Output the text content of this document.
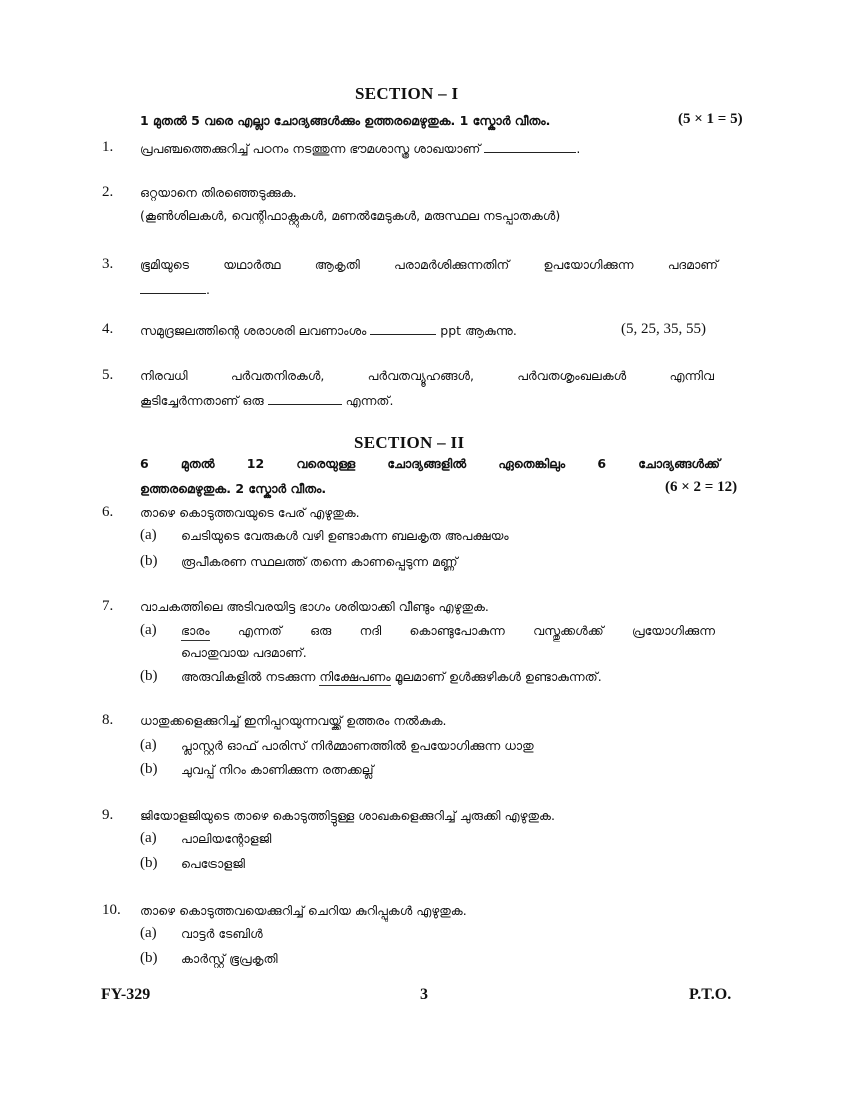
SECTION – I
1 മുതൽ 5 വരെ എല്ലാ ചോദ്യങ്ങൾക്കും ഉത്തരമെഴുതുക. 1 സ്കോർ വീതം.	(5 × 1 = 5)
1. പ്രപഞ്ചത്തെക്കുറിച്ച് പഠനം നടത്തുന്ന ഭൗമശാസ്ത്ര ശാഖയാണ്	.
2. ഒറ്റയാനെ തിരഞ്ഞെടുക്കുക.
(കൂൺശിലകൾ, വെന്റിഫാക്റ്റുകൾ, മണൽമേടുകൾ, മരുസ്ഥല നടപ്പാതകൾ)
3. ഭൂമിയുടെ	യഥാർത്ഥ	ആകൃതി	പരാമർശിക്കുന്നതിന്	ഉപയോഗിക്കുന്ന	പദമാണ്
.
4. സമുദ്രജലത്തിന്റെ ശരാശരി ലവണാംശം	ppt ആകുന്നു.	(5, 25, 35, 55)
5. നിരവധി	പർവതനിരകൾ,	പർവതവ്യൂഹങ്ങൾ,	പർവതശൃംഖലകൾ	എന്നിവ
കൂടിച്ചേർന്നതാണ് ഒരു	എന്നത്.
SECTION – II
6	മുതൽ	12	വരെയുള്ള	ചോദ്യങ്ങളിൽ	ഏതെങ്കിലും	6	ചോദ്യങ്ങൾക്ക്
ഉത്തരമെഴുതുക. 2 സ്കോർ വീതം.	(6 × 2 = 12)
6. താഴെ കൊടുത്തവയുടെ പേര് എഴുതുക.
(a) ചെടിയുടെ വേരുകൾ വഴി ഉണ്ടാകുന്ന ബലകൃത അപക്ഷയം
(b) രൂപീകരണ സ്ഥലത്ത് തന്നെ കാണപ്പെടുന്ന മണ്ണ്
7. വാചകത്തിലെ അടിവരയിട്ട ഭാഗം ശരിയാക്കി വീണ്ടും എഴുതുക.
(a) ഭാരം എന്നത് ഒരു നദി കൊണ്ടുപോകുന്ന വസ്തുക്കൾക്ക് പ്രയോഗിക്കുന്ന
പൊതുവായ പദമാണ്.
(b) അരുവികളിൽ നടക്കുന്ന നിക്ഷേപണം മൂലമാണ് ഉൾക്കുഴികൾ ഉണ്ടാകുന്നത്.
8. ധാതുക്കളെക്കുറിച്ച് ഇനിപ്പറയുന്നവയ്ക്ക് ഉത്തരം നൽകുക.
(a) പ്ലാസ്റ്റർ ഓഫ് പാരിസ് നിർമ്മാണത്തിൽ ഉപയോഗിക്കുന്ന ധാതു
(b) ചുവപ്പ് നിറം കാണിക്കുന്ന രത്നക്കല്ല്
9. ജിയോളജിയുടെ താഴെ കൊടുത്തിട്ടുള്ള ശാഖകളെക്കുറിച്ച് ചുരുക്കി എഴുതുക.
(a) പാലിയന്റോളജി
(b) പെട്രോളജി
10. താഴെ കൊടുത്തവയെക്കുറിച്ച് ചെറിയ കുറിപ്പുകൾ എഴുതുക.
(a) വാട്ടർ ടേബിൾ
(b) കാർസ്റ്റ് ഭൂപ്രകൃതി
FY-329	3	P.T.O.
